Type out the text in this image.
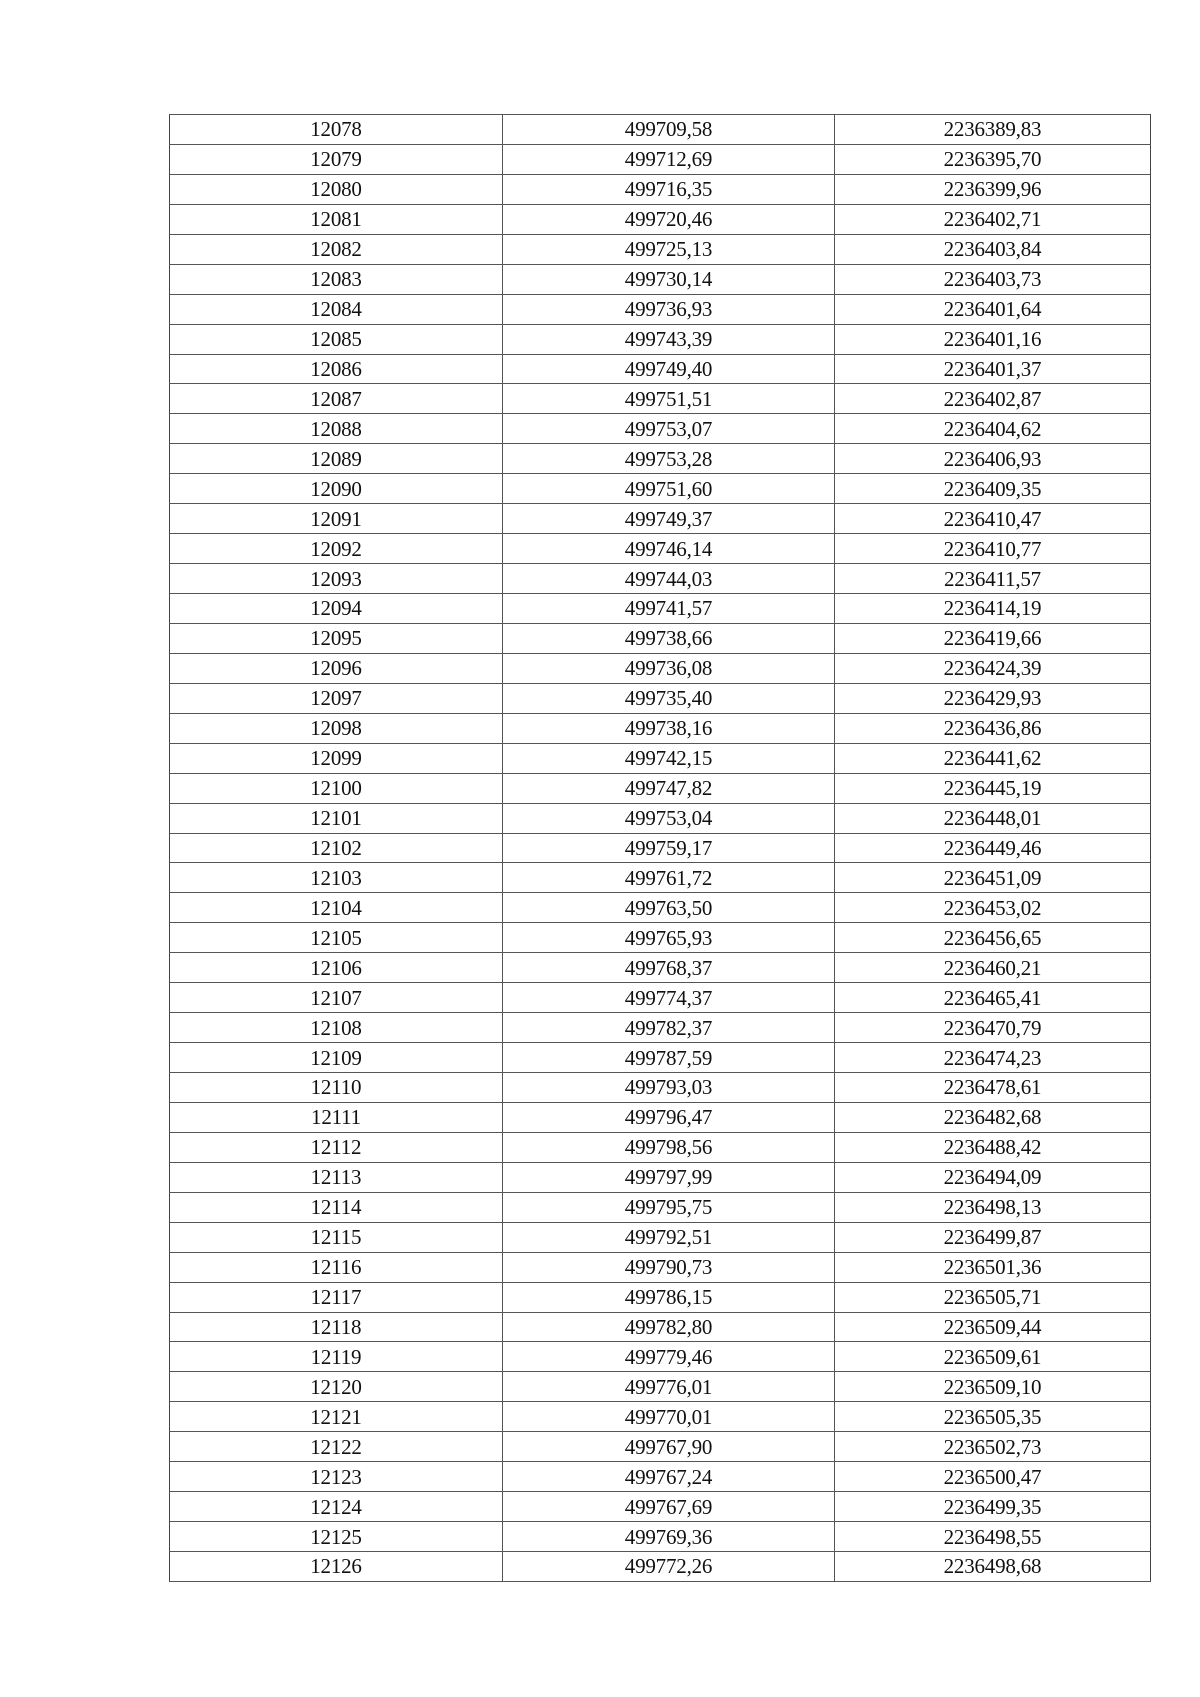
12078	499709,58	2236389,83
12079	499712,69	2236395,70
12080	499716,35	2236399,96
12081	499720,46	2236402,71
12082	499725,13	2236403,84
12083	499730,14	2236403,73
12084	499736,93	2236401,64
12085	499743,39	2236401,16
12086	499749,40	2236401,37
12087	499751,51	2236402,87
12088	499753,07	2236404,62
12089	499753,28	2236406,93
12090	499751,60	2236409,35
12091	499749,37	2236410,47
12092	499746,14	2236410,77
12093	499744,03	2236411,57
12094	499741,57	2236414,19
12095	499738,66	2236419,66
12096	499736,08	2236424,39
12097	499735,40	2236429,93
12098	499738,16	2236436,86
12099	499742,15	2236441,62
12100	499747,82	2236445,19
12101	499753,04	2236448,01
12102	499759,17	2236449,46
12103	499761,72	2236451,09
12104	499763,50	2236453,02
12105	499765,93	2236456,65
12106	499768,37	2236460,21
12107	499774,37	2236465,41
12108	499782,37	2236470,79
12109	499787,59	2236474,23
12110	499793,03	2236478,61
12111	499796,47	2236482,68
12112	499798,56	2236488,42
12113	499797,99	2236494,09
12114	499795,75	2236498,13
12115	499792,51	2236499,87
12116	499790,73	2236501,36
12117	499786,15	2236505,71
12118	499782,80	2236509,44
12119	499779,46	2236509,61
12120	499776,01	2236509,10
12121	499770,01	2236505,35
12122	499767,90	2236502,73
12123	499767,24	2236500,47
12124	499767,69	2236499,35
12125	499769,36	2236498,55
12126	499772,26	2236498,68
